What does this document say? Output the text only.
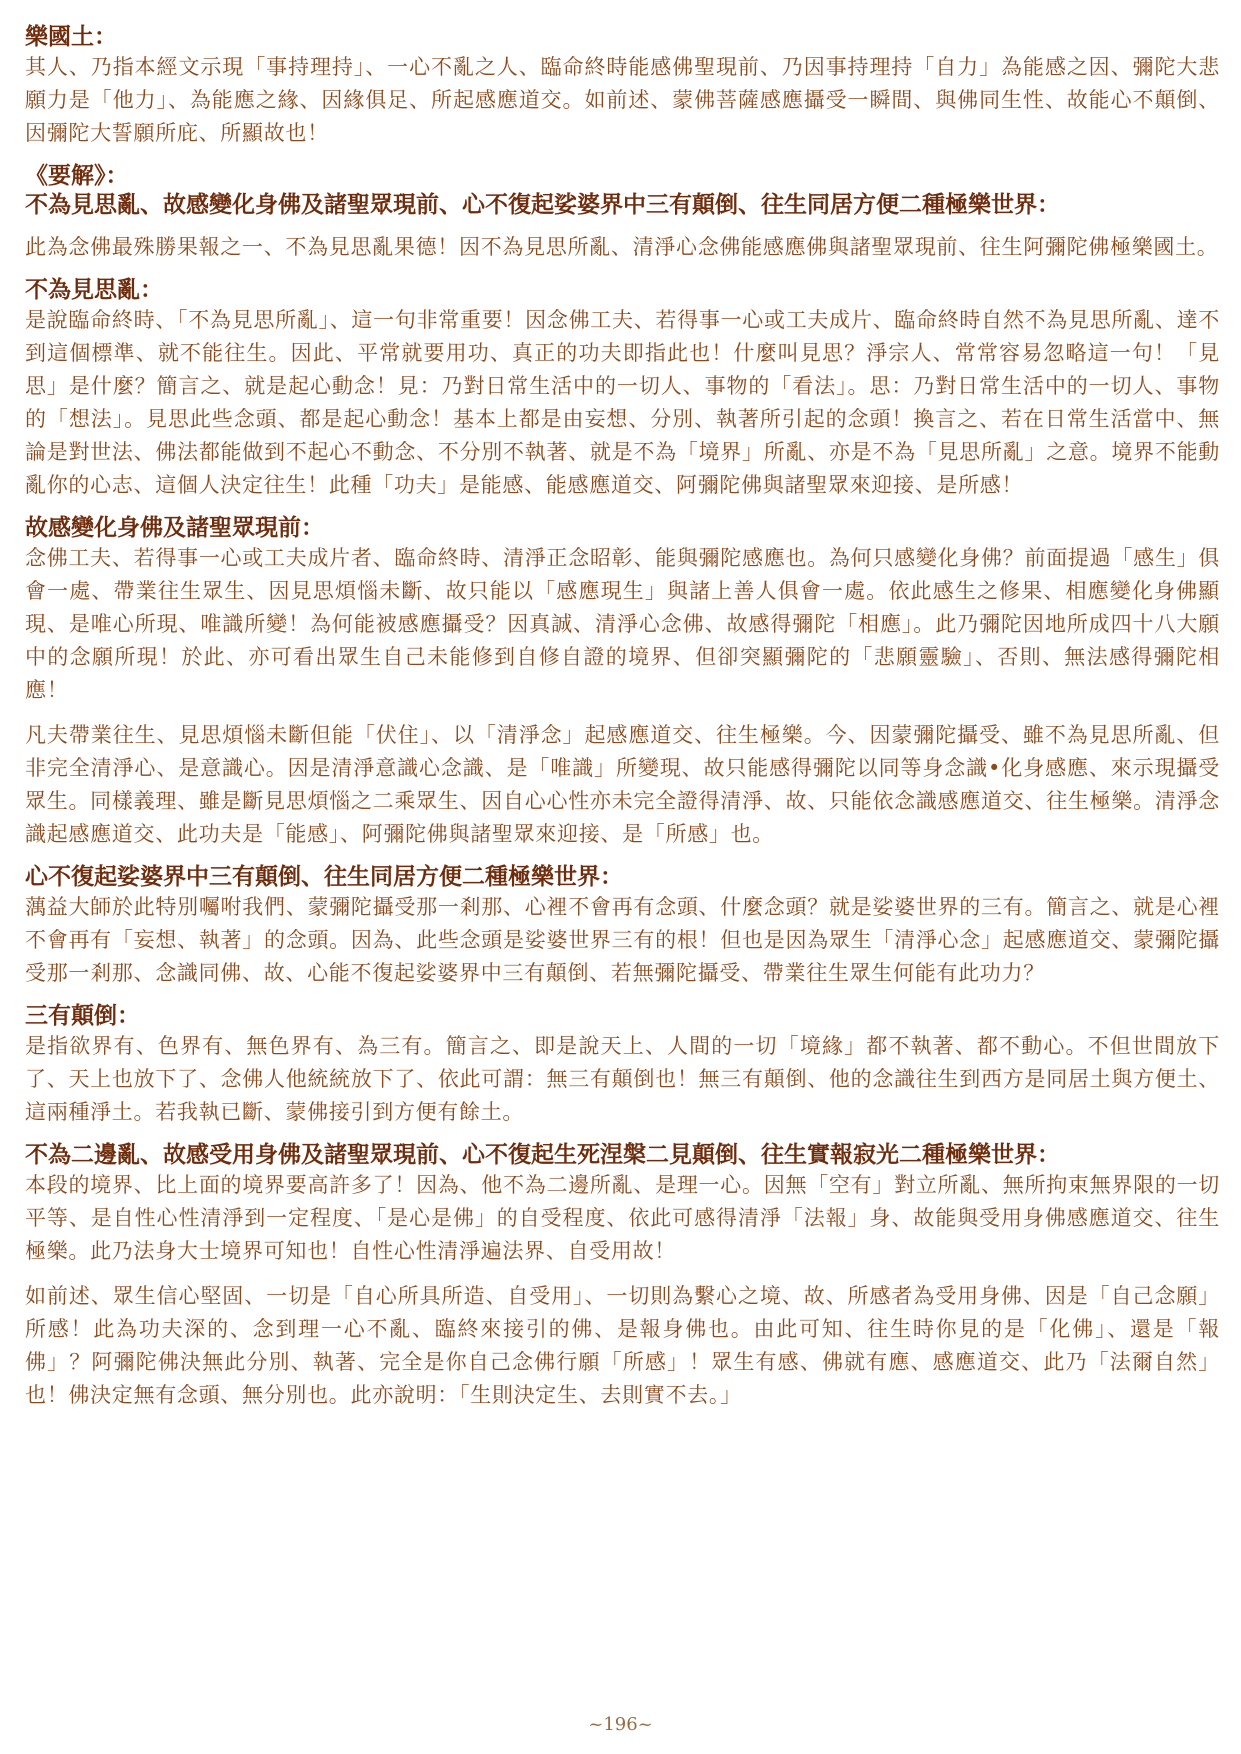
樂國土：

其人、乃指本經文示現「事持理持」、一心不亂之人、臨命終時能感佛聖現前、乃因事持理持「自力」為能感之因、彌陀大悲願力是「他力」、為能應之緣、因緣俱足、所起感應道交。如前述、蒙佛菩薩感應攝受一瞬間、與佛同生性、故能心不顛倒、因彌陀大誓願所庇、所顯故也！

《要解》：
不為見思亂、故感變化身佛及諸聖眾現前、心不復起娑婆界中三有顛倒、往生同居方便二種極樂世界：

此為念佛最殊勝果報之一、不為見思亂果德！因不為見思所亂、清淨心念佛能感應佛與諸聖眾現前、往生阿彌陀佛極樂國土。

不為見思亂：

是說臨命終時、「不為見思所亂」、這一句非常重要！因念佛工夫、若得事一心或工夫成片、臨命終時自然不為見思所亂、達不到這個標準、就不能往生。因此、平常就要用功、真正的功夫即指此也！什麼叫見思？淨宗人、常常容易忽略這一句！「見思」是什麼？簡言之、就是起心動念！見：乃對日常生活中的一切人、事物的「看法」。思：乃對日常生活中的一切人、事物的「想法」。見思此些念頭、都是起心動念！基本上都是由妄想、分別、執著所引起的念頭！換言之、若在日常生活當中、無論是對世法、佛法都能做到不起心不動念、不分別不執著、就是不為「境界」所亂、亦是不為「見思所亂」之意。境界不能動亂你的心志、這個人決定往生！此種「功夫」是能感、能感應道交、阿彌陀佛與諸聖眾來迎接、是所感！

故感變化身佛及諸聖眾現前：

念佛工夫、若得事一心或工夫成片者、臨命終時、清淨正念昭彰、能與彌陀感應也。為何只感變化身佛？前面提過「感生」俱會一處、帶業往生眾生、因見思煩惱未斷、故只能以「感應現生」與諸上善人俱會一處。依此感生之修果、相應變化身佛顯現、是唯心所現、唯識所變！為何能被感應攝受？因真誠、清淨心念佛、故感得彌陀「相應」。此乃彌陀因地所成四十八大願中的念願所現！於此、亦可看出眾生自己未能修到自修自證的境界、但卻突顯彌陀的「悲願靈驗」、否則、無法感得彌陀相應！

凡夫帶業往生、見思煩惱未斷但能「伏住」、以「清淨念」起感應道交、往生極樂。今、因蒙彌陀攝受、雖不為見思所亂、但非完全清淨心、是意識心。因是清淨意識心念識、是「唯識」所變現、故只能感得彌陀以同等身念識•化身感應、來示現攝受眾生。同樣義理、雖是斷見思煩惱之二乘眾生、因自心心性亦未完全證得清淨、故、只能依念識感應道交、往生極樂。清淨念識起感應道交、此功夫是「能感」、阿彌陀佛與諸聖眾來迎接、是「所感」也。

心不復起娑婆界中三有顛倒、往生同居方便二種極樂世界：

蕅益大師於此特別囑咐我們、蒙彌陀攝受那一剎那、心裡不會再有念頭、什麼念頭？就是娑婆世界的三有。簡言之、就是心裡不會再有「妄想、執著」的念頭。因為、此些念頭是娑婆世界三有的根！但也是因為眾生「清淨心念」起感應道交、蒙彌陀攝受那一剎那、念識同佛、故、心能不復起娑婆界中三有顛倒、若無彌陀攝受、帶業往生眾生何能有此功力？

三有顛倒：

是指欲界有、色界有、無色界有、為三有。簡言之、即是說天上、人間的一切「境緣」都不執著、都不動心。不但世間放下了、天上也放下了、念佛人他統統放下了、依此可謂：無三有顛倒也！無三有顛倒、他的念識往生到西方是同居土與方便土、這兩種淨土。若我執已斷、蒙佛接引到方便有餘土。

不為二邊亂、故感受用身佛及諸聖眾現前、心不復起生死涅槃二見顛倒、往生實報寂光二種極樂世界：

本段的境界、比上面的境界要高許多了！因為、他不為二邊所亂、是理一心。因無「空有」對立所亂、無所拘束無界限的一切平等、是自性心性清淨到一定程度、「是心是佛」的自受程度、依此可感得清淨「法報」身、故能與受用身佛感應道交、往生極樂。此乃法身大士境界可知也！自性心性清淨遍法界、自受用故！

如前述、眾生信心堅固、一切是「自心所具所造、自受用」、一切則為繫心之境、故、所感者為受用身佛、因是「自己念願」所感！此為功夫深的、念到理一心不亂、臨終來接引的佛、是報身佛也。由此可知、往生時你見的是「化佛」、還是「報佛」？阿彌陀佛決無此分別、執著、完全是你自己念佛行願「所感」！眾生有感、佛就有應、感應道交、此乃「法爾自然」也！佛決定無有念頭、無分別也。此亦說明：「生則決定生、去則實不去。」

~196~
